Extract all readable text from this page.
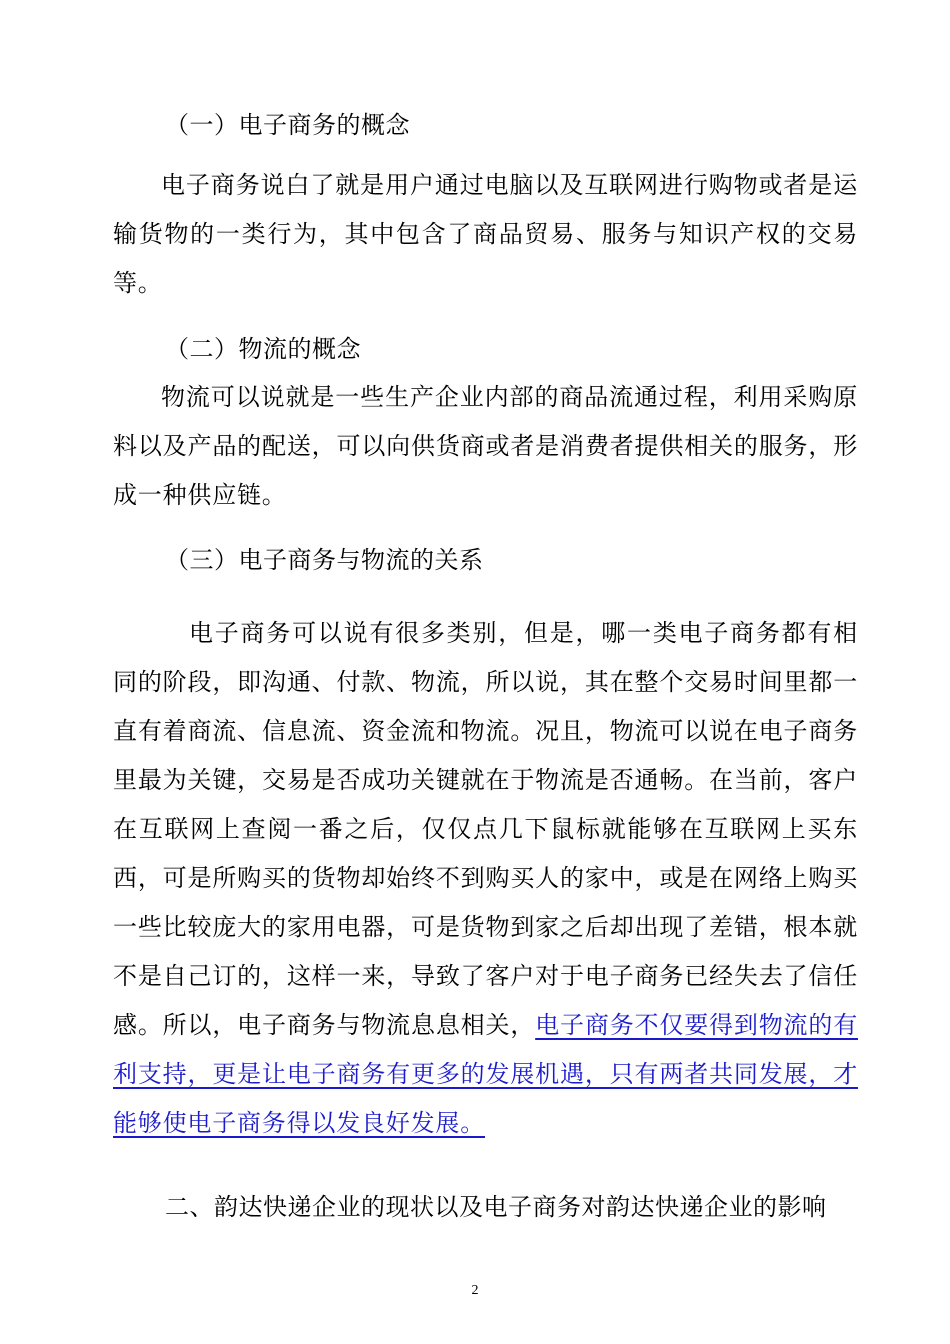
（一）电子商务的概念

电子商务说白了就是用户通过电脑以及互联网进行购物或者是运输货物的一类行为，其中包含了商品贸易、服务与知识产权的交易等。

（二）物流的概念

物流可以说就是一些生产企业内部的商品流通过程，利用采购原料以及产品的配送，可以向供货商或者是消费者提供相关的服务，形成一种供应链。

（三）电子商务与物流的关系

电子商务可以说有很多类别，但是，哪一类电子商务都有相同的阶段，即沟通、付款、物流，所以说，其在整个交易时间里都一直有着商流、信息流、资金流和物流。况且，物流可以说在电子商务里最为关键，交易是否成功关键就在于物流是否通畅。在当前，客户在互联网上查阅一番之后，仅仅点几下鼠标就能够在互联网上买东西，可是所购买的货物却始终不到购买人的家中，或是在网络上购买一些比较庞大的家用电器，可是货物到家之后却出现了差错，根本就不是自己订的，这样一来，导致了客户对于电子商务已经失去了信任感。所以，电子商务与物流息息相关，电子商务不仅要得到物流的有利支持，更是让电子商务有更多的发展机遇，只有两者共同发展，才能够使电子商务得以发良好发展。

二、韵达快递企业的现状以及电子商务对韵达快递企业的影响
2
